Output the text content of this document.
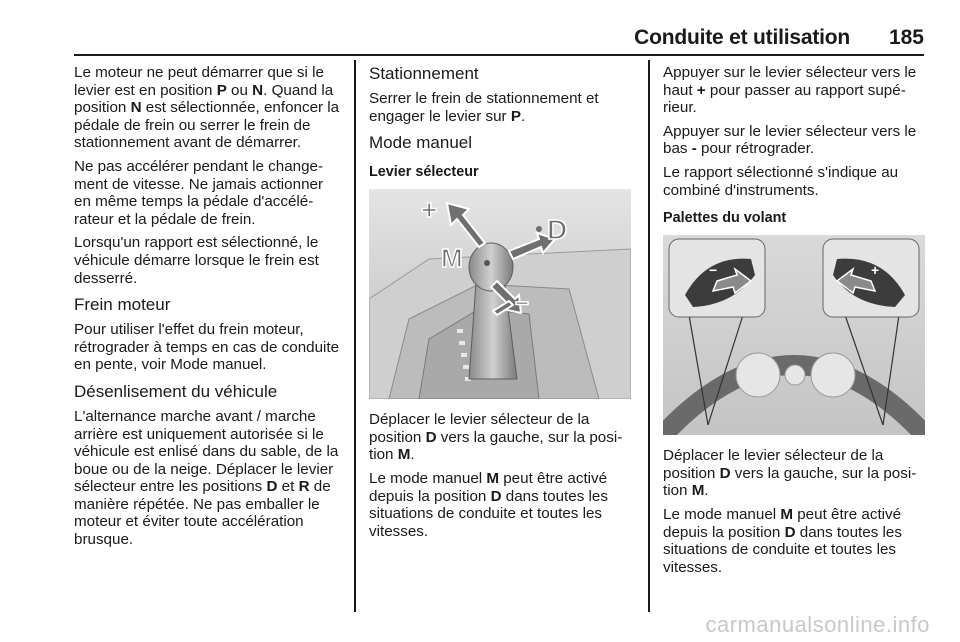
Conduite et utilisation 185

Le moteur ne peut démarrer que si le levier est en position P ou N. Quand la position N est sélectionnée, enfoncer la pédale de frein ou serrer le frein de stationnement avant de démarrer.

Ne pas accélérer pendant le changement de vitesse. Ne jamais actionner en même temps la pédale d'accélérateur et la pédale de frein.

Lorsqu'un rapport est sélectionné, le véhicule démarre lorsque le frein est desserré.

Frein moteur

Pour utiliser l'effet du frein moteur, rétrograder à temps en cas de conduite en pente, voir Mode manuel.

Désenlisement du véhicule

L'alternance marche avant / marche arrière est uniquement autorisée si le véhicule est enlisé dans du sable, de la boue ou de la neige. Déplacer le levier sélecteur entre les positions D et R de manière répétée. Ne pas emballer le moteur et éviter toute accélération brusque.

Stationnement

Serrer le frein de stationnement et engager le levier sur P.

Mode manuel
Levier sélecteur
+
D
M
−

Déplacer le levier sélecteur de la position D vers la gauche, sur la position M.

Le mode manuel M peut être activé depuis la position D dans toutes les situations de conduite et toutes les vitesses.

Appuyer sur le levier sélecteur vers le haut + pour passer au rapport supérieur.

Appuyer sur le levier sélecteur vers le bas - pour rétrograder.

Le rapport sélectionné s'indique au combiné d'instruments.

Palettes du volant
−	+

Déplacer le levier sélecteur de la position D vers la gauche, sur la position M.

Le mode manuel M peut être activé depuis la position D dans toutes les situations de conduite et toutes les vitesses.

carmanualsonline.info
